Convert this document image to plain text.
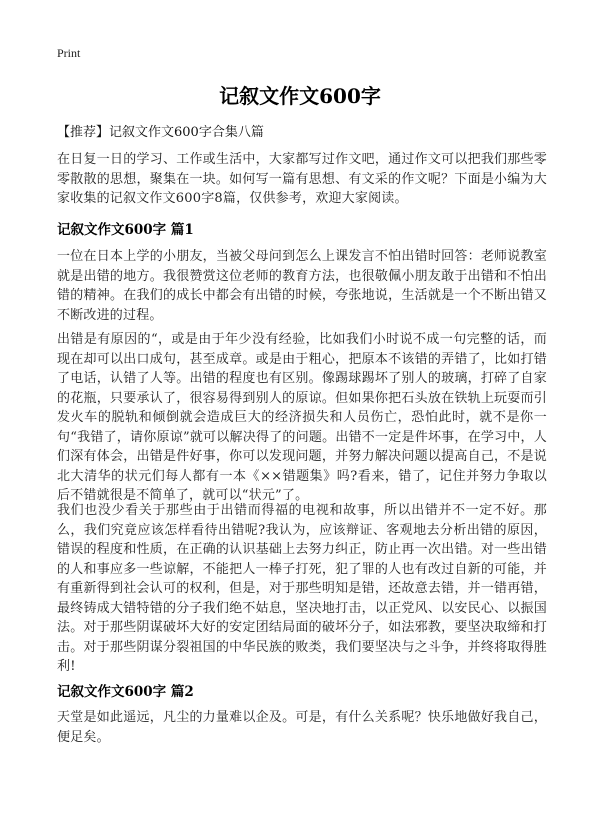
Print
记叙文作文600字
【推荐】记叙文作文600字合集八篇

在日复一日的学习、工作或生活中，大家都写过作文吧，通过作文可以把我们那些零零散散的思想，聚集在一块。如何写一篇有思想、有文采的作文呢？下面是小编为大家收集的记叙文作文600字8篇，仅供参考，欢迎大家阅读。

记叙文作文600字 篇1

一位在日本上学的小朋友，当被父母问到怎么上课发言不怕出错时回答：老师说教室就是出错的地方。我很赞赏这位老师的教育方法，也很敬佩小朋友敢于出错和不怕出错的精神。在我们的成长中都会有出错的时候，夸张地说，生活就是一个不断出错又不断改进的过程。

出错是有原因的“，或是由于年少没有经验，比如我们小时说不成一句完整的话，而现在却可以出口成句，甚至成章。或是由于粗心，把原本不该错的弄错了，比如打错了电话，认错了人等。出错的程度也有区别。像踢球踢坏了别人的玻璃，打碎了自家的花瓶，只要承认了，很容易得到别人的原谅。但如果你把石头放在铁轨上玩耍而引发火车的脱轨和倾倒就会造成巨大的经济损失和人员伤亡，恐怕此时，就不是你一句“我错了，请你原谅”就可以解决得了的问题。出错不一定是件坏事，在学习中，人们深有体会，出错是件好事，你可以发现问题，并努力解决问题以提高自己，不是说北大清华的状元们每人都有一本《××错题集》吗?看来，错了，记住并努力争取以后不错就很是不简单了，就可以“状元”了。

我们也没少看关于那些由于出错而得福的电视和故事，所以出错并不一定不好。那么，我们究竟应该怎样看待出错呢?我认为，应该辩证、客观地去分析出错的原因，错误的程度和性质，在正确的认识基础上去努力纠正，防止再一次出错。对一些出错的人和事应多一些谅解，不能把人一棒子打死，犯了罪的人也有改过自新的可能，并有重新得到社会认可的权利，但是，对于那些明知是错，还故意去错，并一错再错，最终铸成大错特错的分子我们绝不姑息，坚决地打击，以正党风、以安民心、以振国法。对于那些阴谋破坏大好的安定团结局面的破坏分子，如法邪教，要坚决取缔和打击。对于那些阴谋分裂祖国的中华民族的败类，我们要坚决与之斗争，并终将取得胜利!

记叙文作文600字 篇2

天堂是如此遥远，凡尘的力量难以企及。可是，有什么关系呢？快乐地做好我自己，便足矣。
